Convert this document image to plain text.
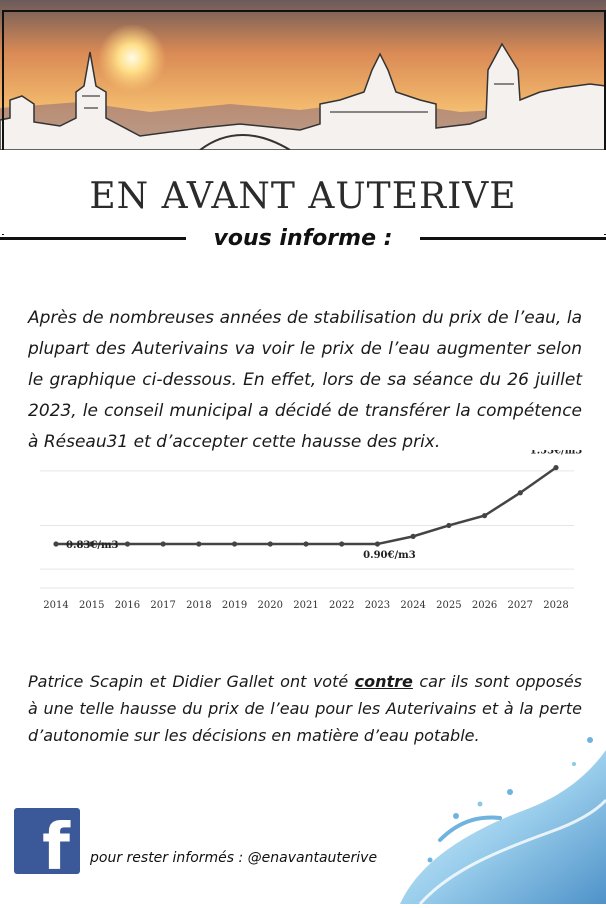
EN AVANT AUTERIVE
vous informe :

Après de nombreuses années de stabilisation du prix de l’eau, la plupart des Auterivains va voir le prix de l’eau augmenter selon le graphique ci-dessous. En effet, lors de sa séance du 26 juillet 2023, le conseil municipal a décidé de transférer la compétence à Réseau31 et d’accepter cette hausse des prix.

2014 2015 2016 2017 2018 2019 2020 2021 2022 2023 2024 2025 2026 2027 2028
0.83€/m3
0.90€/m3
1.53€/m3

Patrice Scapin et Didier Gallet ont voté contre car ils sont opposés à une telle hausse du prix de l’eau pour les Auterivains et à la perte d’autonomie sur les décisions en matière d’eau potable.

f pour rester informés : @enavantauterive
